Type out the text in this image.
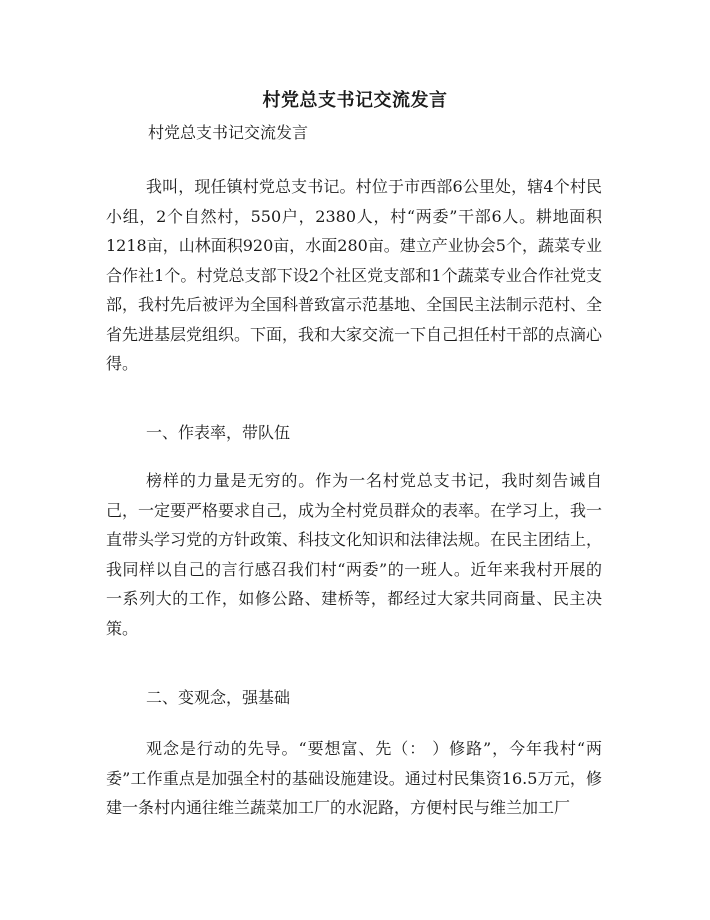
村党总支书记交流发言
村党总支书记交流发言

我叫，现任镇村党总支书记。村位于市西部6公里处，辖4个村民小组，2个自然村，550户，2380人，村“两委”干部6人。耕地面积1218亩，山林面积920亩，水面280亩。建立产业协会5个，蔬菜专业合作社1个。村党总支部下设2个社区党支部和1个蔬菜专业合作社党支部，我村先后被评为全国科普致富示范基地、全国民主法制示范村、全省先进基层党组织。下面，我和大家交流一下自己担任村干部的点滴心得。

一、作表率，带队伍

榜样的力量是无穷的。作为一名村党总支书记，我时刻告诫自己，一定要严格要求自己，成为全村党员群众的表率。在学习上，我一直带头学习党的方针政策、科技文化知识和法律法规。在民主团结上，我同样以自己的言行感召我们村“两委”的一班人。近年来我村开展的一系列大的工作，如修公路、建桥等，都经过大家共同商量、民主决策。

二、变观念，强基础

观念是行动的先导。“要想富、先（： ）修路”，今年我村“两委”工作重点是加强全村的基础设施建设。通过村民集资16.5万元，修建一条村内通往维兰蔬菜加工厂的水泥路，方便村民与维兰加工厂
